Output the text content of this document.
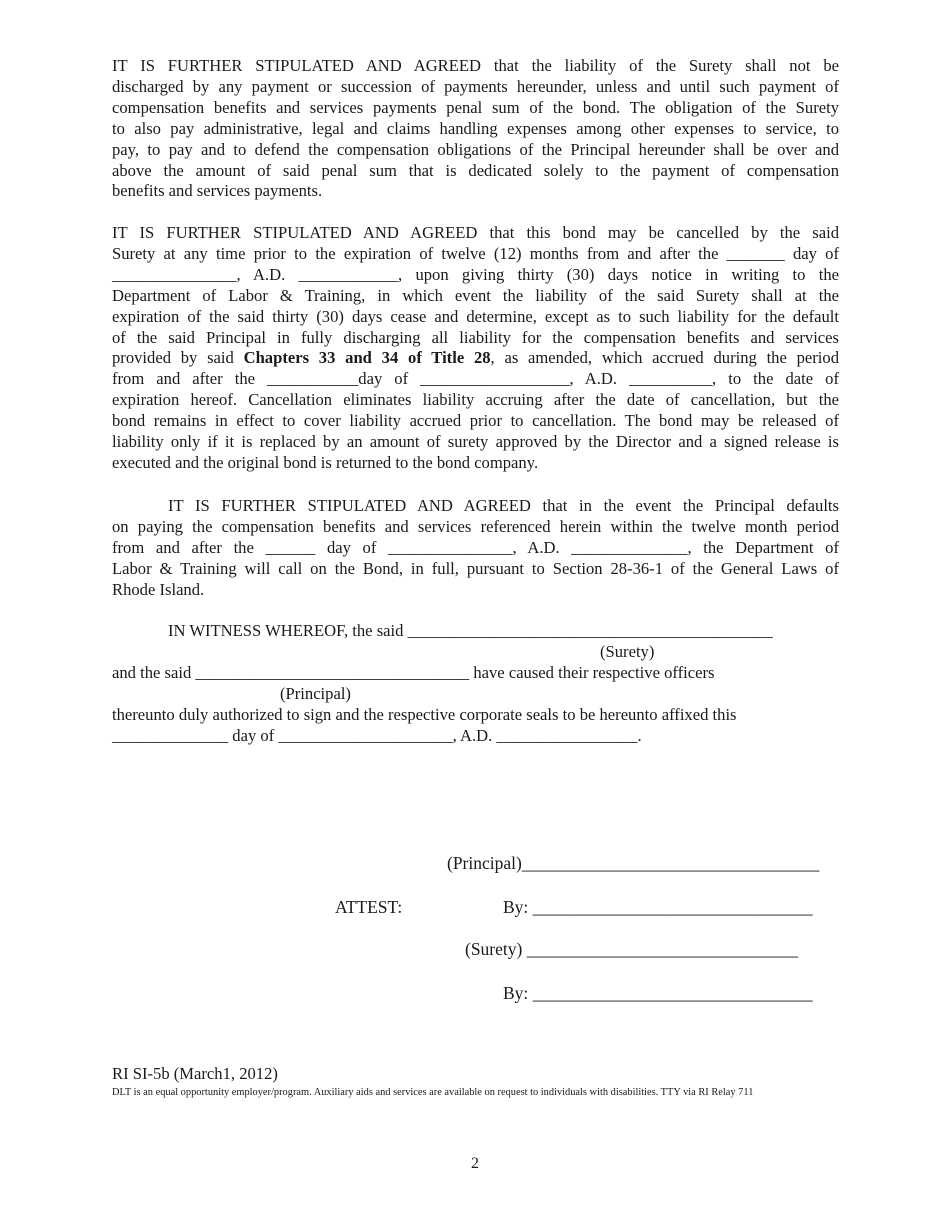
IT IS FURTHER STIPULATED AND AGREED that the liability of the Surety shall not be
discharged by any payment or succession of payments hereunder, unless and until such payment of
compensation benefits and services payments penal sum of the bond. The obligation of the Surety
to also pay administrative, legal and claims handling expenses among other expenses to service, to
pay, to pay and to defend the compensation obligations of the Principal hereunder shall be over and
above the amount of said penal sum that is dedicated solely to the payment of compensation
benefits and services payments.
IT IS FURTHER STIPULATED AND AGREED that this bond may be cancelled by the said
Surety at any time prior to the expiration of twelve (12) months from and after the _______ day of
_______________, A.D. ____________, upon giving thirty (30) days notice in writing to the
Department of Labor & Training, in which event the liability of the said Surety shall at the
expiration of the said thirty (30) days cease and determine, except as to such liability for the default
of the said Principal in fully discharging all liability for the compensation benefits and services
provided by said Chapters 33 and 34 of Title 28, as amended, which accrued during the period
from and after the ___________day of __________________, A.D. __________, to the date of
expiration hereof. Cancellation eliminates liability accruing after the date of cancellation, but the
bond remains in effect to cover liability accrued prior to cancellation. The bond may be released of
liability only if it is replaced by an amount of surety approved by the Director and a signed release is
executed and the original bond is returned to the bond company.
IT IS FURTHER STIPULATED AND AGREED that in the event the Principal defaults
on paying the compensation benefits and services referenced herein within the twelve month period
from and after the ______ day of _______________, A.D. ______________, the Department of
Labor & Training will call on the Bond, in full, pursuant to Section 28-36-1 of the General Laws of
Rhode Island.
IN WITNESS WHEREOF, the said ____________________________________________
(Surety)
and the said _________________________________ have caused their respective officers
(Principal)
thereunto duly authorized to sign and the respective corporate seals to be hereunto affixed this
______________ day of _____________________, A.D. _________________.
(Principal)__________________________________
ATTEST:	By: ________________________________
(Surety) _______________________________
By: ________________________________
RI SI-5b (March1, 2012)
DLT is an equal opportunity employer/program. Auxiliary aids and services are available on request to individuals with disabilities. TTY via RI Relay 711
2
